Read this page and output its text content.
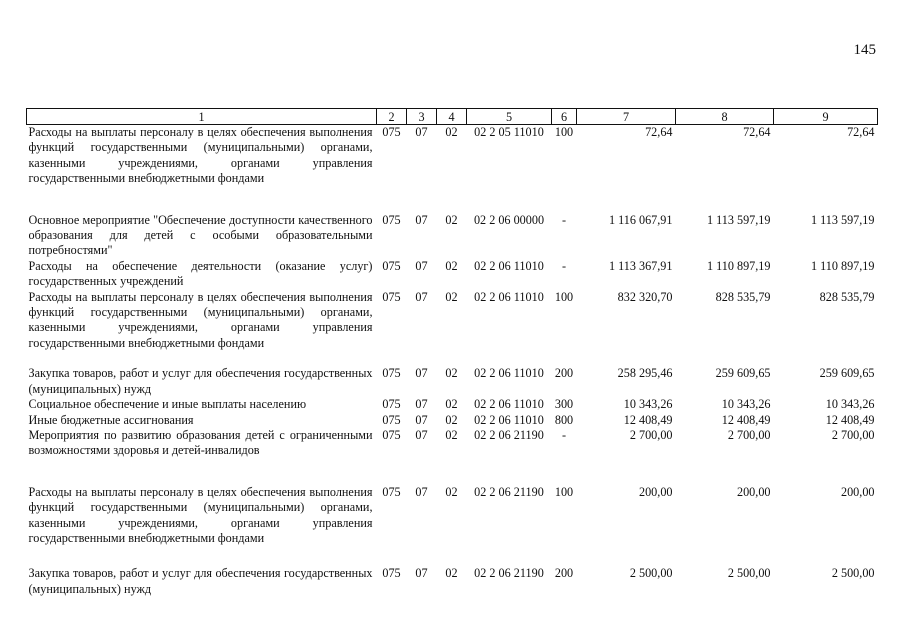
145
1	2	3	4	5	6	7	8	9
Расходы на выплаты персоналу в целях обеспечения выполнения функций государственными (муниципальными) органами, казенными учреждениями, органами управления государственными внебюджетными фондами	075	07	02	02 2 05 11010	100	72,64	72,64	72,64
Основное мероприятие "Обеспечение доступности качественного образования для детей с особыми образовательными потребностями"	075	07	02	02 2 06 00000	-	1 116 067,91	1 113 597,19	1 113 597,19
Расходы на обеспечение деятельности (оказание услуг) государственных учреждений	075	07	02	02 2 06 11010	-	1 113 367,91	1 110 897,19	1 110 897,19
Расходы на выплаты персоналу в целях обеспечения выполнения функций государственными (муниципальными) органами, казенными учреждениями, органами управления государственными внебюджетными фондами	075	07	02	02 2 06 11010	100	832 320,70	828 535,79	828 535,79
Закупка товаров, работ и услуг для обеспечения государственных (муниципальных) нужд	075	07	02	02 2 06 11010	200	258 295,46	259 609,65	259 609,65
Социальное обеспечение и иные выплаты населению	075	07	02	02 2 06 11010	300	10 343,26	10 343,26	10 343,26
Иные бюджетные ассигнования	075	07	02	02 2 06 11010	800	12 408,49	12 408,49	12 408,49
Мероприятия по развитию образования детей с ограниченными возможностями здоровья и детей-инвалидов	075	07	02	02 2 06 21190	-	2 700,00	2 700,00	2 700,00
Расходы на выплаты персоналу в целях обеспечения выполнения функций государственными (муниципальными) органами, казенными учреждениями, органами управления государственными внебюджетными фондами	075	07	02	02 2 06 21190	100	200,00	200,00	200,00
Закупка товаров, работ и услуг для обеспечения государственных (муниципальных) нужд	075	07	02	02 2 06 21190	200	2 500,00	2 500,00	2 500,00
